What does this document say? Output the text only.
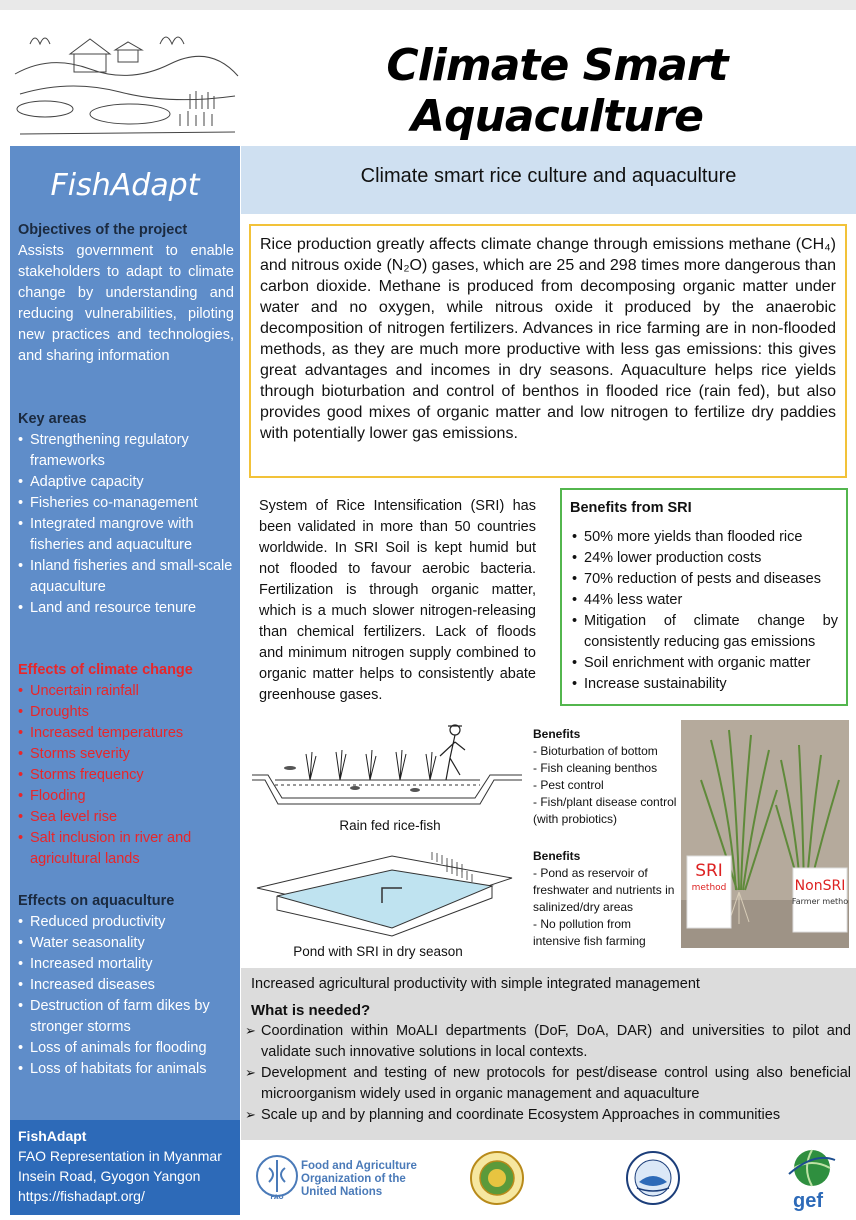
Climate Smart Aquaculture
FishAdapt
Objectives of the project
Assists government to enable stakeholders to adapt to climate change by understanding and reducing vulnerabilities, piloting new practices and technologies, and sharing information
Key areas
• Strengthening regulatory frameworks
• Adaptive capacity
• Fisheries co-management
• Integrated mangrove with fisheries and aquaculture
• Inland fisheries and small-scale aquaculture
• Land and resource tenure
Effects of climate change
• Uncertain rainfall
• Droughts
• Increased temperatures
• Storms severity
• Storms frequency
• Flooding
• Sea level rise
• Salt inclusion in river and agricultural lands
Effects on aquaculture
• Reduced productivity
• Water seasonality
• Increased mortality
• Increased diseases
• Destruction of farm dikes by stronger storms
• Loss of animals for flooding
• Loss of habitats for animals
FishAdapt
FAO Representation in Myanmar
Insein Road, Gyogon Yangon
https://fishadapt.org/
Climate smart rice culture and aquaculture
Rice production greatly affects climate change through emissions methane (CH₄) and nitrous oxide (N₂O) gases, which are 25 and 298 times more dangerous than carbon dioxide. Methane is produced from decomposing organic matter under water and no oxygen, while nitrous oxide it produced by the anaerobic decomposition of nitrogen fertilizers. Advances in rice farming are in non-flooded methods, as they are much more productive with less gas emissions: this gives great advantages and incomes in dry seasons. Aquaculture helps rice yields through bioturbation and control of benthos in flooded rice (rain fed), but also provides good mixes of organic matter and low nitrogen to fertilize dry paddies with potentially lower gas emissions.
System of Rice Intensification (SRI) has been validated in more than 50 countries worldwide. In SRI Soil is kept humid but not flooded to favour aerobic bacteria. Fertilization is through organic matter, which is a much slower nitrogen-releasing than chemical fertilizers. Lack of floods and minimum nitrogen supply combined to organic matter helps to consistently abate greenhouse gases.
Benefits from SRI
• 50% more yields than flooded rice
• 24% lower production costs
• 70% reduction of pests and diseases
• 44% less water
• Mitigation of climate change by consistently reducing gas emissions
• Soil enrichment with organic matter
• Increase sustainability
Rain fed rice-fish
Pond with SRI in dry season
Benefits
- Bioturbation of bottom
- Fish cleaning benthos
- Pest control
- Fish/plant disease control (with probiotics)
Benefits
- Pond as reservoir of freshwater and nutrients in salinized/dry areas
- No pollution from intensive fish farming
SRI
method	NonSRI
Farmer metho
Increased agricultural productivity with simple integrated management
What is needed?
➢ Coordination within MoALI departments (DoF, DoA, DAR) and universities to pilot and validate such innovative solutions in local contexts.
➢ Development and testing of new protocols for pest/disease control using also beneficial microorganism widely used in organic management and aquaculture
➢ Scale up and by planning and coordinate Ecosystem Approaches in communities
FAO
Food and Agriculture
Organization of the
United Nations	gef
